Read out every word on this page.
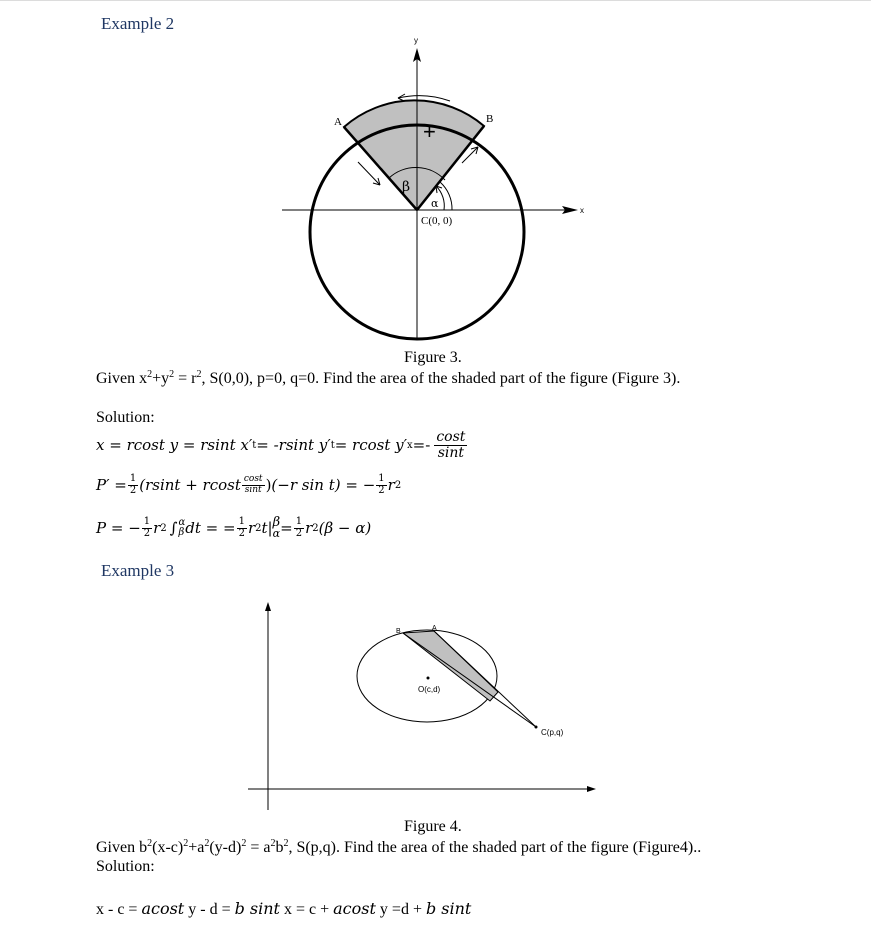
Example 2
y
x
A	B
+
β
α
C(0, 0)
Figure 3.
Given $x^2+y^2 = r^2$, S(0,0), p=0, q=0. Find the area of the shaded part of the figure (Figure 3).
Solution:
x = rcost y = rsint x′ t = -rsint y′ t = rcost y′ $x =- \frac{\cos t}{\sin t}$
$P' = \frac{1}{2} (rsint + rcost \frac{\cos t}{\sin t}$ ) (−r sin t) = − $\frac{1}{2}$ r 2
P = − $\frac{1}{2}$ r 2 ∫ α
β dt = = $\frac{1}{2}$ r 2 t| β
$\alpha = \frac{1}{2}$ r 2 (β − α)
Example 3
B	A
O(c,d)
C(p,q)
Figure 4.
Given $b^2(x-c)^2+a^2(y-d)^2 = a^2b^2$, S(p,q). Find the area of the shaded part of the figure (Figure4)..
Solution:
x - c = acost y - d = b sint x = c + acost y =d + b sint
